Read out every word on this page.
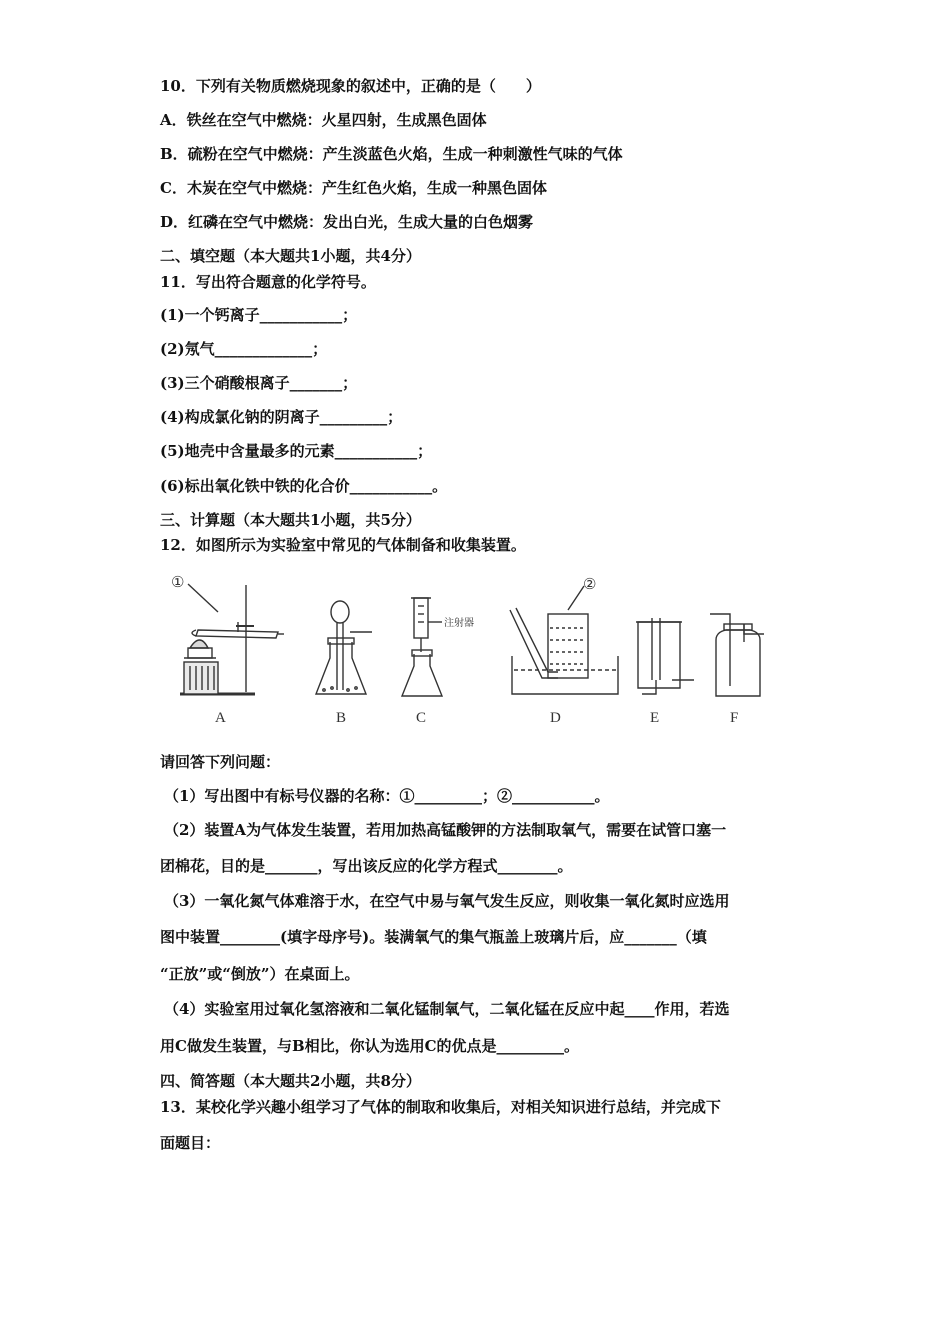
10．下列有关物质燃烧现象的叙述中，正确的是（　　）
A．铁丝在空气中燃烧：火星四射，生成黑色固体
B．硫粉在空气中燃烧：产生淡蓝色火焰，生成一种刺激性气味的气体
C．木炭在空气中燃烧：产生红色火焰，生成一种黑色固体
D．红磷在空气中燃烧：发出白光，生成大量的白色烟雾
二、填空题（本大题共1小题，共4分）
11．写出符合题意的化学符号。
(1)一个钙离子___________；
(2)氖气_____________；
(3)三个硝酸根离子_______；
(4)构成氯化钠的阴离子_________；
(5)地壳中含量最多的元素___________；
(6)标出氧化铁中铁的化合价___________。
三、计算题（本大题共1小题，共5分）
12．如图所示为实验室中常见的气体制备和收集装置。
①
A	B
注射器
C
②
D	E	F
请回答下列问题：
（1）写出图中有标号仪器的名称：①_________；②___________。
（2）装置A为气体发生装置，若用加热高锰酸钾的方法制取氧气，需要在试管口塞一
团棉花，目的是_______，写出该反应的化学方程式________。
（3）一氧化氮气体难溶于水，在空气中易与氧气发生反应，则收集一氧化氮时应选用
图中装置________(填字母序号)。装满氧气的集气瓶盖上玻璃片后，应_______（填
“正放”或“倒放”）在桌面上。
（4）实验室用过氧化氢溶液和二氧化锰制氧气，二氧化锰在反应中起____作用，若选
用C做发生装置，与B相比，你认为选用C的优点是_________。
四、简答题（本大题共2小题，共8分）
13．某校化学兴趣小组学习了气体的制取和收集后，对相关知识进行总结，并完成下
面题目：
